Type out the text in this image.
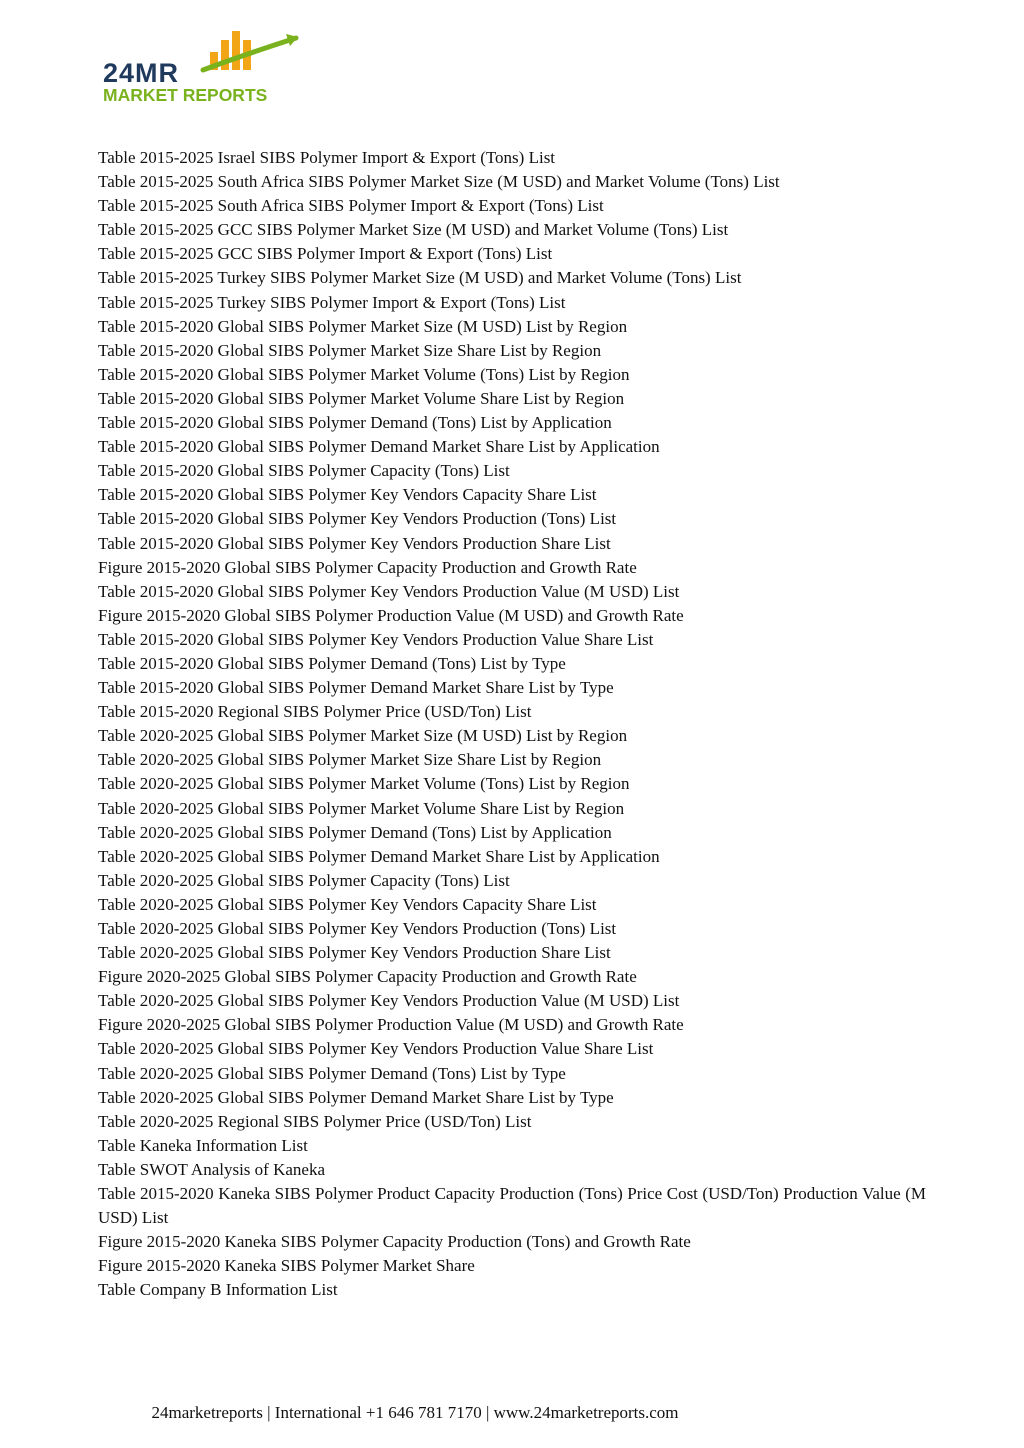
24MR
MARKET REPORTS
Table 2015-2025 Israel SIBS Polymer Import & Export (Tons) List
Table 2015-2025 South Africa SIBS Polymer Market Size (M USD) and Market Volume (Tons) List
Table 2015-2025 South Africa SIBS Polymer Import & Export (Tons) List
Table 2015-2025 GCC SIBS Polymer Market Size (M USD) and Market Volume (Tons) List
Table 2015-2025 GCC SIBS Polymer Import & Export (Tons) List
Table 2015-2025 Turkey SIBS Polymer Market Size (M USD) and Market Volume (Tons) List
Table 2015-2025 Turkey SIBS Polymer Import & Export (Tons) List
Table 2015-2020 Global SIBS Polymer Market Size (M USD) List by Region
Table 2015-2020 Global SIBS Polymer Market Size Share List by Region
Table 2015-2020 Global SIBS Polymer Market Volume (Tons) List by Region
Table 2015-2020 Global SIBS Polymer Market Volume Share List by Region
Table 2015-2020 Global SIBS Polymer Demand (Tons) List by Application
Table 2015-2020 Global SIBS Polymer Demand Market Share List by Application
Table 2015-2020 Global SIBS Polymer Capacity (Tons) List
Table 2015-2020 Global SIBS Polymer Key Vendors Capacity Share List
Table 2015-2020 Global SIBS Polymer Key Vendors Production (Tons) List
Table 2015-2020 Global SIBS Polymer Key Vendors Production Share List
Figure 2015-2020 Global SIBS Polymer Capacity Production and Growth Rate
Table 2015-2020 Global SIBS Polymer Key Vendors Production Value (M USD) List
Figure 2015-2020 Global SIBS Polymer Production Value (M USD) and Growth Rate
Table 2015-2020 Global SIBS Polymer Key Vendors Production Value Share List
Table 2015-2020 Global SIBS Polymer Demand (Tons) List by Type
Table 2015-2020 Global SIBS Polymer Demand Market Share List by Type
Table 2015-2020 Regional SIBS Polymer Price (USD/Ton) List
Table 2020-2025 Global SIBS Polymer Market Size (M USD) List by Region
Table 2020-2025 Global SIBS Polymer Market Size Share List by Region
Table 2020-2025 Global SIBS Polymer Market Volume (Tons) List by Region
Table 2020-2025 Global SIBS Polymer Market Volume Share List by Region
Table 2020-2025 Global SIBS Polymer Demand (Tons) List by Application
Table 2020-2025 Global SIBS Polymer Demand Market Share List by Application
Table 2020-2025 Global SIBS Polymer Capacity (Tons) List
Table 2020-2025 Global SIBS Polymer Key Vendors Capacity Share List
Table 2020-2025 Global SIBS Polymer Key Vendors Production (Tons) List
Table 2020-2025 Global SIBS Polymer Key Vendors Production Share List
Figure 2020-2025 Global SIBS Polymer Capacity Production and Growth Rate
Table 2020-2025 Global SIBS Polymer Key Vendors Production Value (M USD) List
Figure 2020-2025 Global SIBS Polymer Production Value (M USD) and Growth Rate
Table 2020-2025 Global SIBS Polymer Key Vendors Production Value Share List
Table 2020-2025 Global SIBS Polymer Demand (Tons) List by Type
Table 2020-2025 Global SIBS Polymer Demand Market Share List by Type
Table 2020-2025 Regional SIBS Polymer Price (USD/Ton) List
Table Kaneka Information List
Table SWOT Analysis of Kaneka
Table 2015-2020 Kaneka SIBS Polymer Product Capacity Production (Tons) Price Cost (USD/Ton) Production Value (M USD) List
Figure 2015-2020 Kaneka SIBS Polymer Capacity Production (Tons) and Growth Rate
Figure 2015-2020 Kaneka SIBS Polymer Market Share
Table Company B Information List
24marketreports | International +1 646 781 7170 | www.24marketreports.com
